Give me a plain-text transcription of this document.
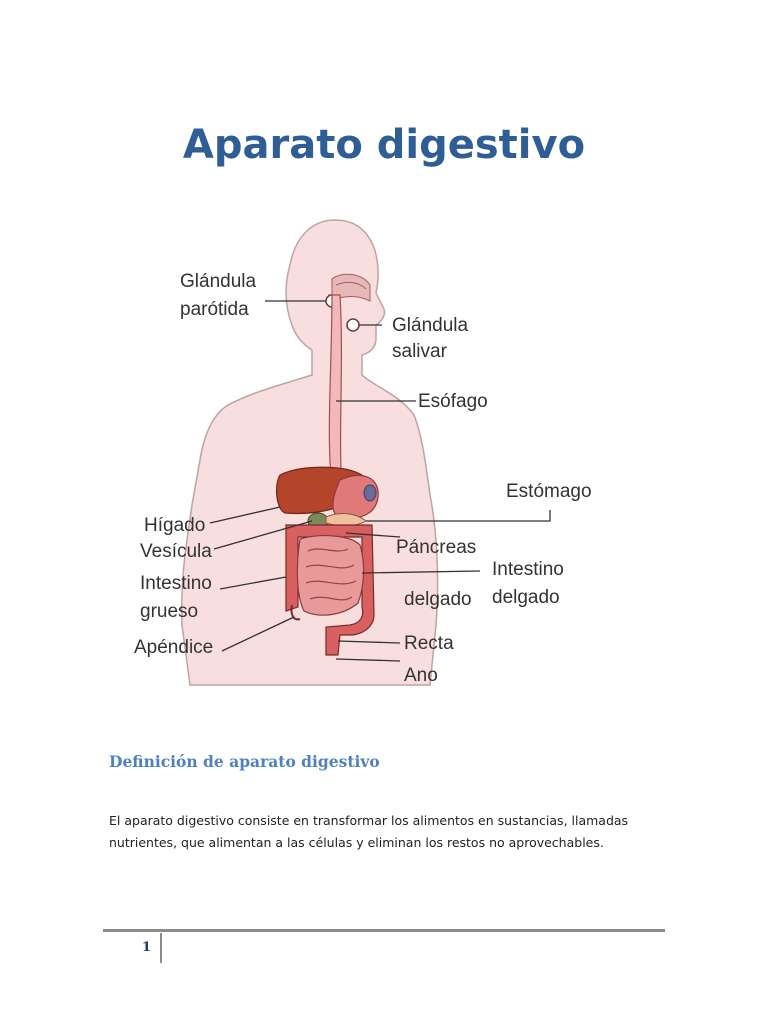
Aparato digestivo
Glándula
parótida
Glándula
salivar
Esófago
Estómago
Hígado
Vesícula	Páncreas
Intestino
grueso
Intestino
delgado
delgado
Apéndice	Recta
Ano
Definición de aparato digestivo

El aparato digestivo consiste en transformar los alimentos en sustancias, llamadas nutrientes, que alimentan a las células y eliminan los restos no aprovechables.

1
